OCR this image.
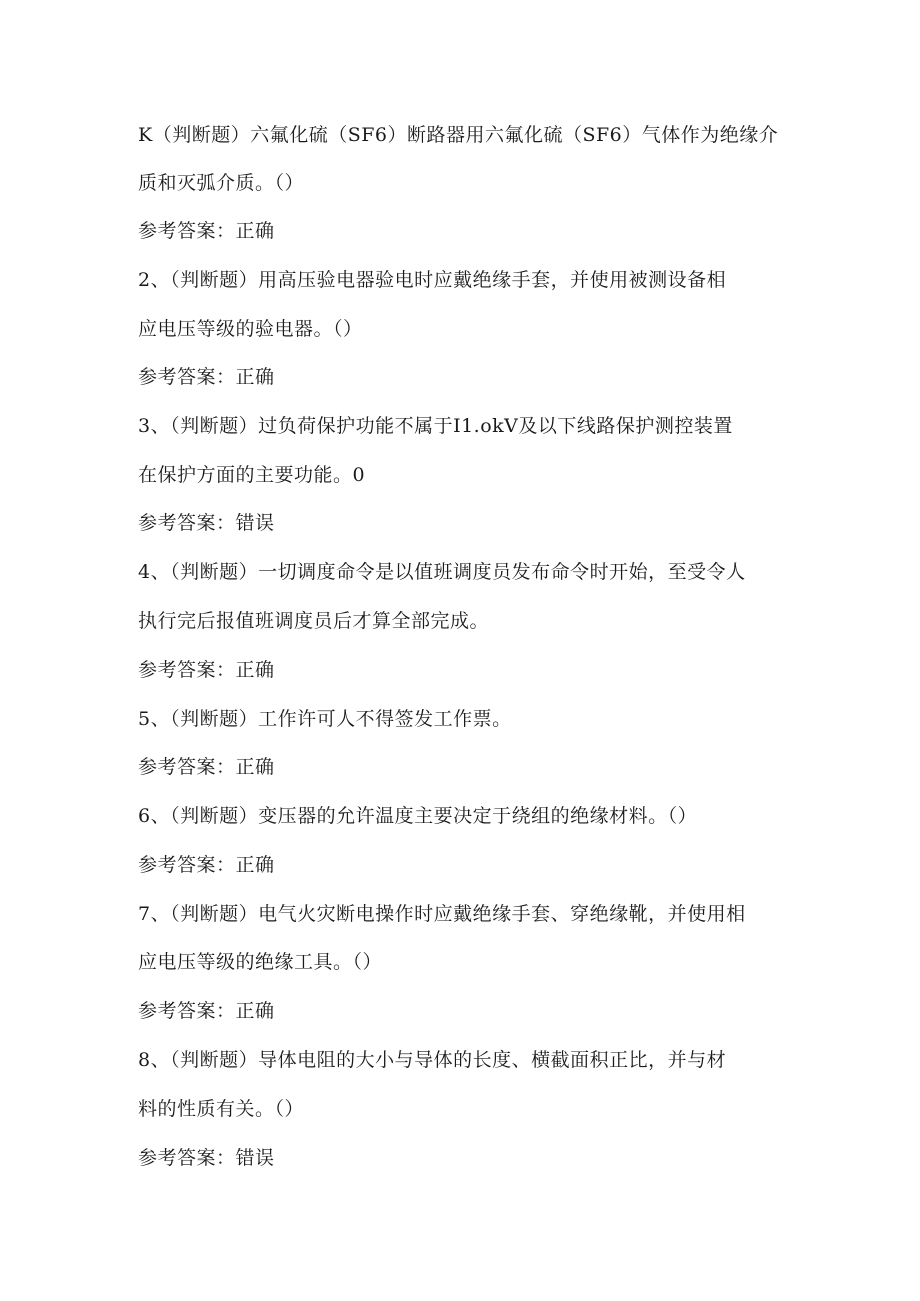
K（判断题）六氟化硫（SF6）断路器用六氟化硫（SF6）气体作为绝缘介
质和灭弧介质。（）
参考答案：正确
2、（判断题）用高压验电器验电时应戴绝缘手套，并使用被测设备相
应电压等级的验电器。（）
参考答案：正确
3、（判断题）过负荷保护功能不属于I1.okV及以下线路保护测控装置
在保护方面的主要功能。0
参考答案：错误
4、（判断题）一切调度命令是以值班调度员发布命令时开始，至受令人
执行完后报值班调度员后才算全部完成。
参考答案：正确
5、（判断题）工作许可人不得签发工作票。
参考答案：正确
6、（判断题）变压器的允许温度主要决定于绕组的绝缘材料。（）
参考答案：正确
7、（判断题）电气火灾断电操作时应戴绝缘手套、穿绝缘靴，并使用相
应电压等级的绝缘工具。（）
参考答案：正确
8、（判断题）导体电阻的大小与导体的长度、横截面积正比，并与材
料的性质有关。（）
参考答案：错误
